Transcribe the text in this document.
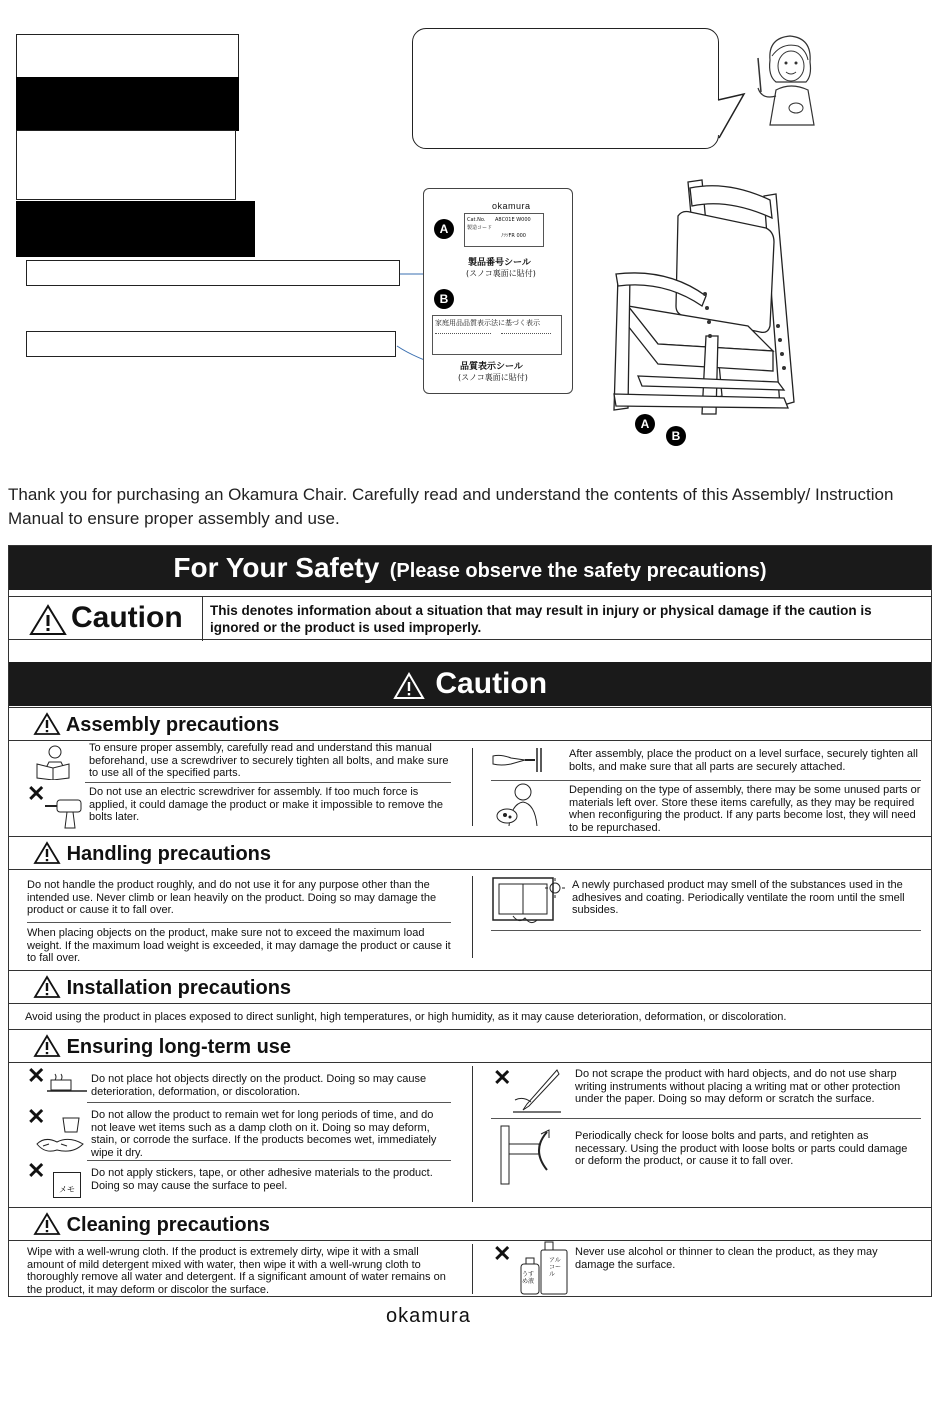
okamura
A
Cat.No. A8C01E W000
製造コード
ﾉﾂｿFR 000
製品番号シール
(スノコ裏面に貼付)
B
家庭用品品質表示法に基づく表示

品質表示シール
(スノコ裏面に貼付)
A
B
Thank you for purchasing an Okamura Chair. Carefully read and understand the contents of this Assembly/ Instruction Manual to ensure proper assembly and use.
For Your Safety (Please observe the safety precautions)
Caution This denotes information about a situation that may result in injury or physical damage if the caution is ignored or the product is used improperly.
Caution
Assembly precautions
To ensure proper assembly, carefully read and understand this manual beforehand, use a screwdriver to securely tighten all bolts, and make sure to use all of the specified parts.
✕	Do not use an electric screwdriver for assembly. If too much force is applied, it could damage the product or make it impossible to remove the bolts later.
After assembly, place the product on a level surface, securely tighten all bolts, and make sure that all parts are securely attached.
Depending on the type of assembly, there may be some unused parts or materials left over. Store these items carefully, as they may be required when reconfiguring the product. If any parts become lost, they will need to be repurchased.
Handling precautions
Do not handle the product roughly, and do not use it for any purpose other than the intended use. Never climb or lean heavily on the product. Doing so may damage the product or cause it to fall over.
When placing objects on the product, make sure not to exceed the maximum load weight. If the maximum load weight is exceeded, it may damage the product or cause it to fall over.
A newly purchased product may smell of the substances used in the adhesives and coating. Periodically ventilate the room until the smell subsides.
Installation precautions
Avoid using the product in places exposed to direct sunlight, high temperatures, or high humidity, as it may cause deterioration, deformation, or discoloration.
Ensuring long-term use
✕	Do not place hot objects directly on the product. Doing so may cause deterioration, deformation, or discoloration.
✕	Do not allow the product to remain wet for long periods of time, and do not leave wet items such as a damp cloth on it. Doing so may deform, stain, or corrode the surface. If the products becomes wet, immediately wipe it dry.
✕
メモ
Do not apply stickers, tape, or other adhesive materials to the product. Doing so may cause the surface to peel.
✕	Do not scrape the product with hard objects, and do not use sharp writing instruments without placing a writing mat or other protection under the paper. Doing so may deform or scratch the surface.
Periodically check for loose bolts and parts, and retighten as necessary. Using the product with loose bolts or parts could damage or deform the product, or cause it to fall over.
Cleaning precautions
Wipe with a well-wrung cloth. If the product is extremely dirty, wipe it with a small amount of mild detergent mixed with water, then wipe it with a well-wrung cloth to thoroughly remove all water and detergent. If a significant amount of water remains on the product, it may deform or discolor the surface.
✕	アルコール
うすめ液
Never use alcohol or thinner to clean the product, as they may damage the surface.
okamura
